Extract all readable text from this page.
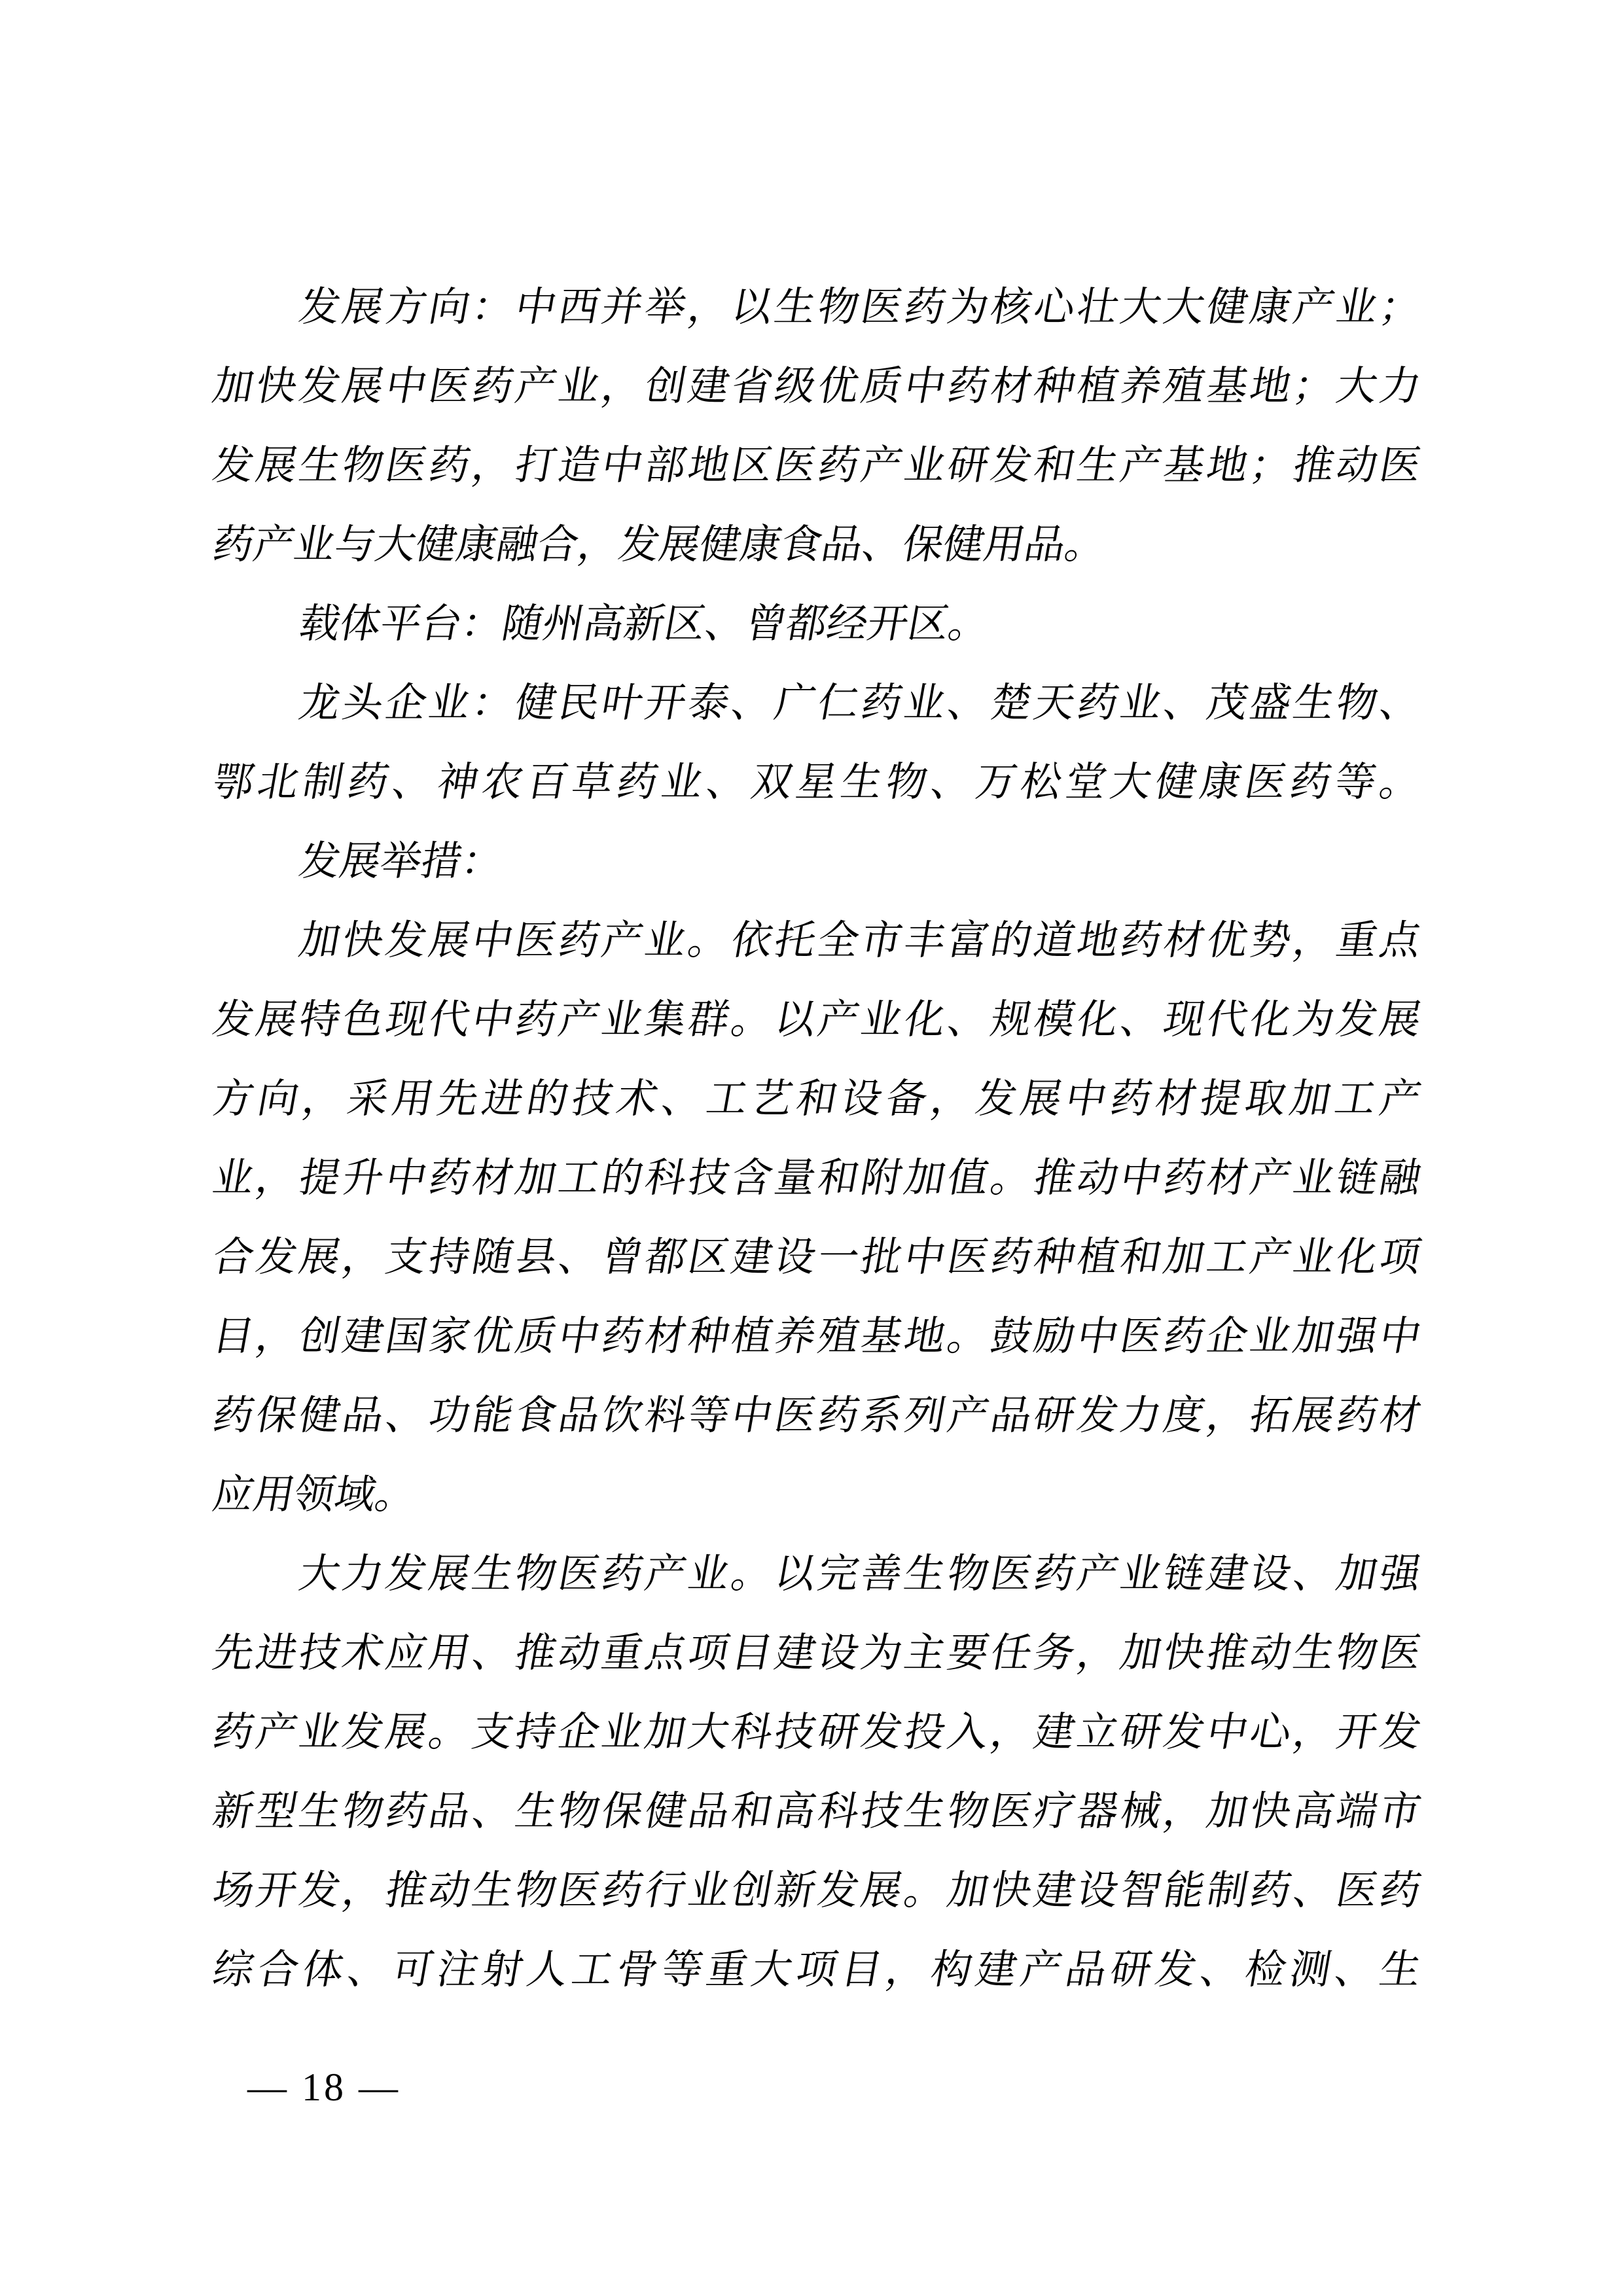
发展方向：中西并举，以生物医药为核心壮大大健康产业；
加快发展中医药产业，创建省级优质中药材种植养殖基地；大力
发展生物医药，打造中部地区医药产业研发和生产基地；推动医
药产业与大健康融合，发展健康食品、保健用品。
载体平台：随州高新区、曾都经开区。
龙头企业：健民叶开泰、广仁药业、楚天药业、茂盛生物、
鄂北制药、神农百草药业、双星生物、万松堂大健康医药等。
发展举措：
加快发展中医药产业。依托全市丰富的道地药材优势，重点
发展特色现代中药产业集群。以产业化、规模化、现代化为发展
方向，采用先进的技术、工艺和设备，发展中药材提取加工产
业，提升中药材加工的科技含量和附加值。推动中药材产业链融
合发展，支持随县、曾都区建设一批中医药种植和加工产业化项
目，创建国家优质中药材种植养殖基地。鼓励中医药企业加强中
药保健品、功能食品饮料等中医药系列产品研发力度，拓展药材
应用领域。
大力发展生物医药产业。以完善生物医药产业链建设、加强
先进技术应用、推动重点项目建设为主要任务，加快推动生物医
药产业发展。支持企业加大科技研发投入，建立研发中心，开发
新型生物药品、生物保健品和高科技生物医疗器械，加快高端市
场开发，推动生物医药行业创新发展。加快建设智能制药、医药
综合体、可注射人工骨等重大项目，构建产品研发、检测、生
— 18 —
